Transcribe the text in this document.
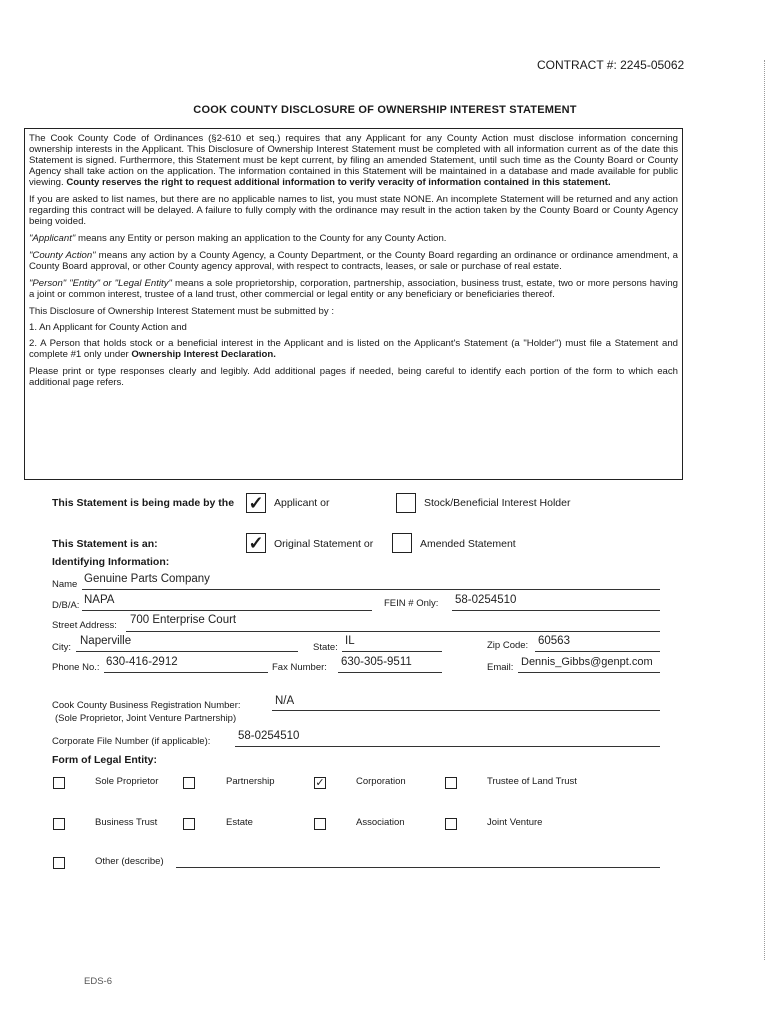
CONTRACT #: 2245-05062
COOK COUNTY DISCLOSURE OF OWNERSHIP INTEREST STATEMENT

The Cook County Code of Ordinances (§2-610 et seq.) requires that any Applicant for any County Action must disclose information concerning ownership interests in the Applicant. This Disclosure of Ownership Interest Statement must be completed with all information current as of the date this Statement is signed. Furthermore, this Statement must be kept current, by filing an amended Statement, until such time as the County Board or County Agency shall take action on the application. The information contained in this Statement will be maintained in a database and made available for public viewing. County reserves the right to request additional information to verify veracity of information contained in this statement.

If you are asked to list names, but there are no applicable names to list, you must state NONE. An incomplete Statement will be returned and any action regarding this contract will be delayed. A failure to fully comply with the ordinance may result in the action taken by the County Board or County Agency being voided.

"Applicant" means any Entity or person making an application to the County for any County Action.

"County Action" means any action by a County Agency, a County Department, or the County Board regarding an ordinance or ordinance amendment, a County Board approval, or other County agency approval, with respect to contracts, leases, or sale or purchase of real estate.

"Person" "Entity" or "Legal Entity" means a sole proprietorship, corporation, partnership, association, business trust, estate, two or more persons having a joint or common interest, trustee of a land trust, other commercial or legal entity or any beneficiary or beneficiaries thereof.

This Disclosure of Ownership Interest Statement must be submitted by :

1. An Applicant for County Action and

2. A Person that holds stock or a beneficial interest in the Applicant and is listed on the Applicant's Statement (a "Holder") must file a Statement and complete #1 only under Ownership Interest Declaration.

Please print or type responses clearly and legibly. Add additional pages if needed, being careful to identify each portion of the form to which each additional page refers.

This Statement is being made by the ✓ Applicant or	Stock/Beneficial Interest Holder
This Statement is an:	✓ Original Statement or	Amended Statement
Identifying Information:
Name Genuine Parts Company
D/B/A: NAPA	FEIN # Only: 58-0254510
Street Address: 700 Enterprise Court
City:
Naperville
State:
IL	Zip Code: 60563
Phone No.: 630-416-2912	Fax Number: 630-305-9511	Email: Dennis_Gibbs@genpt.com
Cook County Business Registration Number:	N/A
(Sole Proprietor, Joint Venture Partnership)
Corporate File Number (if applicable): 58-0254510
Form of Legal Entity:
Sole Proprietor	Partnership	✓	Corporation	Trustee of Land Trust
Business Trust	Estate	Association	Joint Venture
Other (describe)
EDS-6
